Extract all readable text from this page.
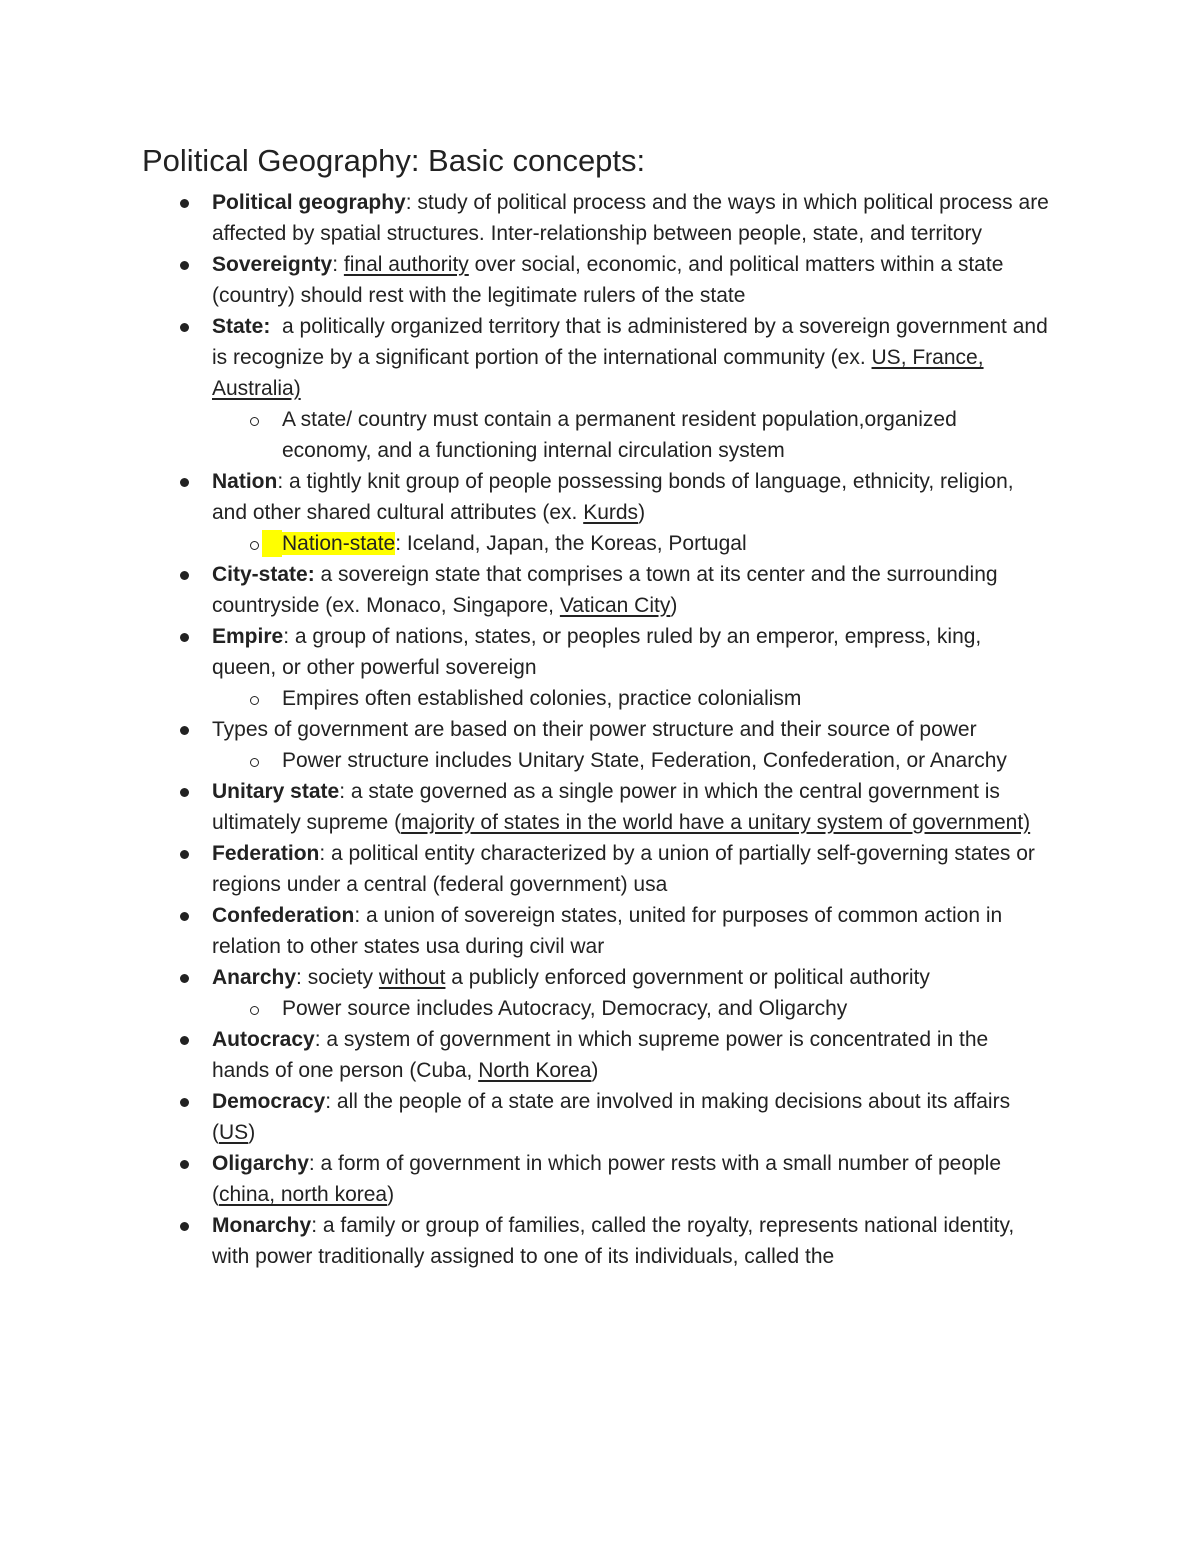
Political Geography: Basic concepts:
Political geography: study of political process and the ways in which political process are affected by spatial structures. Inter-relationship between people, state, and territory
Sovereignty: final authority over social, economic, and political matters within a state (country) should rest with the legitimate rulers of the state
State:  a politically organized territory that is administered by a sovereign government and is recognize by a significant portion of the international community (ex. US, France, Australia)
A state/ country must contain a permanent resident population,organized economy, and a functioning internal circulation system
Nation: a tightly knit group of people possessing bonds of language, ethnicity, religion, and other shared cultural attributes (ex. Kurds)
Nation-state: Iceland, Japan, the Koreas, Portugal
City-state: a sovereign state that comprises a town at its center and the surrounding countryside (ex. Monaco, Singapore, Vatican City)
Empire: a group of nations, states, or peoples ruled by an emperor, empress, king, queen, or other powerful sovereign
Empires often established colonies, practice colonialism
Types of government are based on their power structure and their source of power
Power structure includes Unitary State, Federation, Confederation, or Anarchy
Unitary state: a state governed as a single power in which the central government is ultimately supreme (majority of states in the world have a unitary system of government)
Federation: a political entity characterized by a union of partially self-governing states or regions under a central (federal government) usa
Confederation: a union of sovereign states, united for purposes of common action in relation to other states usa during civil war
Anarchy: society without a publicly enforced government or political authority
Power source includes Autocracy, Democracy, and Oligarchy
Autocracy: a system of government in which supreme power is concentrated in the hands of one person (Cuba, North Korea)
Democracy: all the people of a state are involved in making decisions about its affairs (US)
Oligarchy: a form of government in which power rests with a small number of people (china, north korea)
Monarchy: a family or group of families, called the royalty, represents national identity, with power traditionally assigned to one of its individuals, called the
